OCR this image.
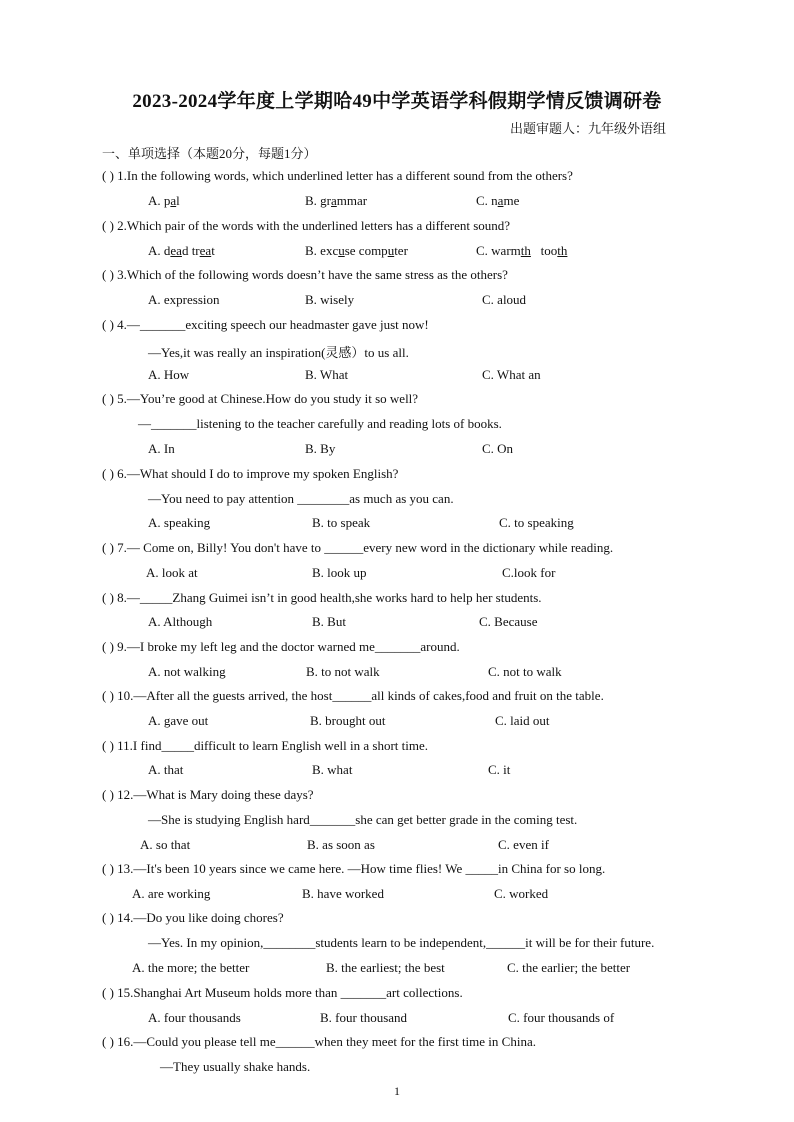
2023-2024学年度上学期哈49中学英语学科假期学情反馈调研卷
出题审题人：九年级外语组
一、单项选择（本题20分，每题1分）
( ) 1.In the following words, which underlined letter has a different sound from the others?
A. pal	B. grammar	C. name
( ) 2.Which pair of the words with the underlined letters has a different sound?
A. dead treat	B. excuse computer	C. warmth   tooth
( ) 3.Which of the following words doesn’t have the same stress as the others?
A. expression	B. wisely	C. aloud
( ) 4.—_______exciting speech our headmaster gave just now!
—Yes,it was really an inspiration(灵感）to us all.
A. How	B. What	C. What an
( ) 5.—You’re good at Chinese.How do you study it so well?
—_______listening to the teacher carefully and reading lots of books.
A. In	B. By	C. On
( ) 6.—What should I do to improve my spoken English?
—You need to pay attention ________as much as you can.
A. speaking	B. to speak	C. to speaking
( ) 7.— Come on, Billy! You don't have to ______every new word in the dictionary while reading.
A. look at	B. look up	C.look for
( ) 8.—_____Zhang Guimei isn’t in good health,she works hard to help her students.
A. Although	B. But	C. Because
( ) 9.—I broke my left leg and the doctor warned me_______around.
A. not walking	B. to not walk	C. not to walk
( ) 10.—After all the guests arrived, the host______all kinds of cakes,food and fruit on the table.
A. gave out	B. brought out	C. laid out
( ) 11.I find_____difficult to learn English well in a short time.
A. that	B. what	C. it
( ) 12.—What is Mary doing these days?
—She is studying English hard_______she can get better grade in the coming test.
A. so that	B. as soon as	C. even if
( ) 13.—It's been 10 years since we came here. —How time flies! We _____in China for so long.
A. are working	B. have worked	C. worked
( ) 14.—Do you like doing chores?
—Yes. In my opinion,________students learn to be independent,______it will be for their future.
A. the more; the better	B. the earliest; the best	C. the earlier; the better
( ) 15.Shanghai Art Museum holds more than _______art collections.
A. four thousands	B. four thousand	C. four thousands of
( ) 16.—Could you please tell me______when they meet for the first time in China.
—They usually shake hands.
1
